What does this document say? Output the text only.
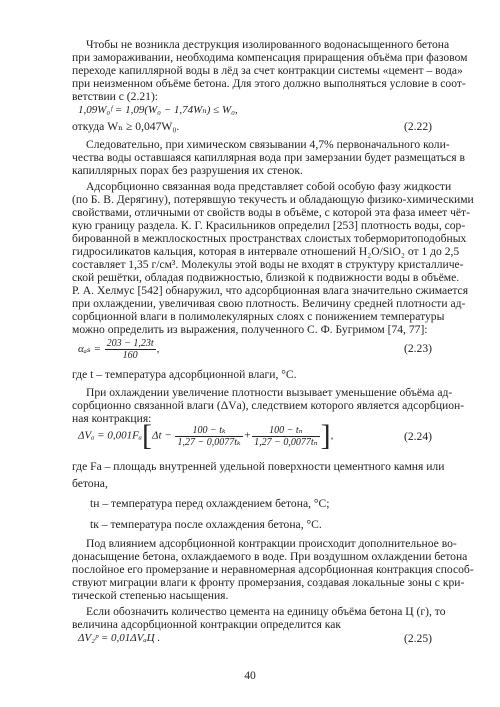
Чтобы не возникла деструкция изолированного водонасыщенного бетона
при замораживании, необходима компенсация приращения объёма при фазовом
переходе капиллярной воды в лёд за счет контракции системы «цемент – вода»
при неизменном объёме бетона. Для этого должно выполняться условие в соот-
ветствии с (2.21):
1,09W₀ᶠ = 1,09(W₀ − 1,74Wₙ) ≤ W₀,
откуда Wₙ ≥ 0,047W₀.	(2.22)
Следовательно, при химическом связывании 4,7% первоначального коли-
чества воды оставшаяся капиллярная вода при замерзании будет размещаться в
капиллярных порах без разрушения их стенок.
Адсорбционно связанная вода представляет собой особую фазу жидкости
(по Б. В. Дерягину), потерявшую текучесть и обладающую физико-химическими
свойствами, отличными от свойств воды в объёме, с которой эта фаза имеет чёт-
кую границу раздела. К. Г. Красильников определил [253] плотность воды, сор-
бированной в межплоскостных пространствах слоистых тоберморитоподобных
гидросиликатов кальция, которая в интервале отношений H₂O/SiO₂ от 1 до 2,5
составляет 1,35 г/см³. Молекулы этой воды не входят в структуру кристалличе-
ской решётки, обладая подвижностью, близкой к подвижности воды в объёме.
Р. А. Хелмус [542] обнаружил, что адсорбционная влага значительно сжимается
при охлаждении, увеличивая свою плотность. Величину средней плотности ад-
сорбционной влаги в полимолекулярных слоях с понижением температуры
можно определить из выражения, полученного С. Ф. Бугримом [74, 77]:
$\alpha_{as} = \frac{203 - 1,23t}{160}$ ,	(2.23)
где t – температура адсорбционной влаги, °С.
При охлаждении увеличение плотности вызывает уменьшение объёма ад-
сорбционно связанной влаги (ΔVа), следствием которого является адсорбцион-
ная контракция:
$\Delta V_a = 0,001F_a[\Delta t - \frac{\text{100 − tₖ}}{\text{1,27 − 0,0077tₖ}} + \frac{\text{100 − tₙ}}{\text{1,27 − 0,0077tₙ}}$ ],	(2.24)
где Fа – площадь внутренней удельной поверхности цементного камня или
бетона,
tн – температура перед охлаждением бетона, °С;
tк – температура после охлаждения бетона, °С.
Под влиянием адсорбционной контракции происходит дополнительное во-
донасыщение бетона, охлаждаемого в воде. При воздушном охлаждении бетона
послойное его промерзание и неравномерная адсорбционная контракция способ-
ствуют миграции влаги к фронту промерзания, создавая локальные зоны с кри-
тической степенью насыщения.
Если обозначить количество цемента на единицу объёма бетона Ц (г), то
величина адсорбционной контракции определится как
ΔV₂ᵖ = 0,01ΔVₐЦ .	(2.25)
40
